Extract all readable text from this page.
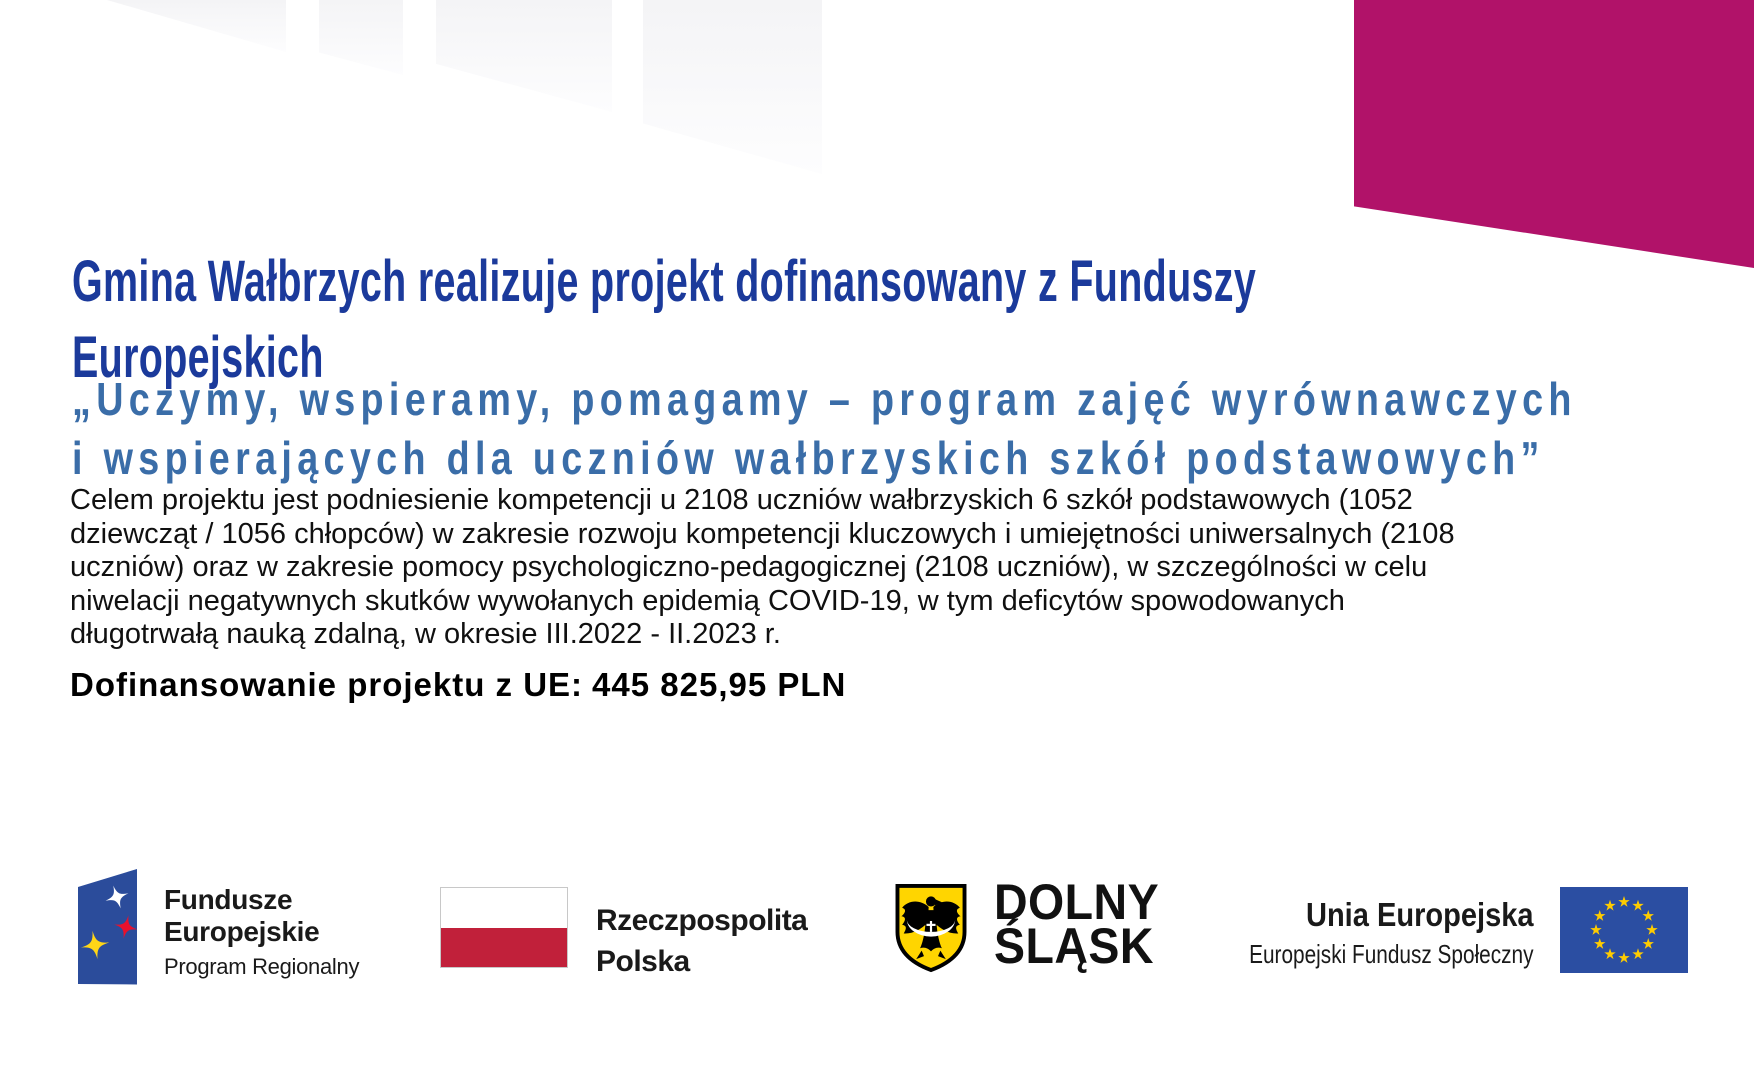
Gmina Wałbrzych realizuje projekt dofinansowany z Funduszy
Europejskich
„Uczymy, wspieramy, pomagamy – program zajęć wyrównawczych
i wspierających dla uczniów wałbrzyskich szkół podstawowych”
Celem projektu jest podniesienie kompetencji u 2108 uczniów wałbrzyskich 6 szkół podstawowych (1052
dziewcząt / 1056 chłopców) w zakresie rozwoju kompetencji kluczowych i umiejętności uniwersalnych (2108
uczniów) oraz w zakresie pomocy psychologiczno-pedagogicznej (2108 uczniów), w szczególności w celu
niwelacji negatywnych skutków wywołanych epidemią COVID-19, w tym deficytów spowodowanych
długotrwałą nauką zdalną, w okresie III.2022 - II.2023 r.
Dofinansowanie projektu z UE: 445 825,95 PLN
Fundusze
Europejskie
Program Regionalny
Rzeczpospolita
Polska
DOLNY
ŚLĄSK
Unia Europejska
Europejski Fundusz Społeczny
